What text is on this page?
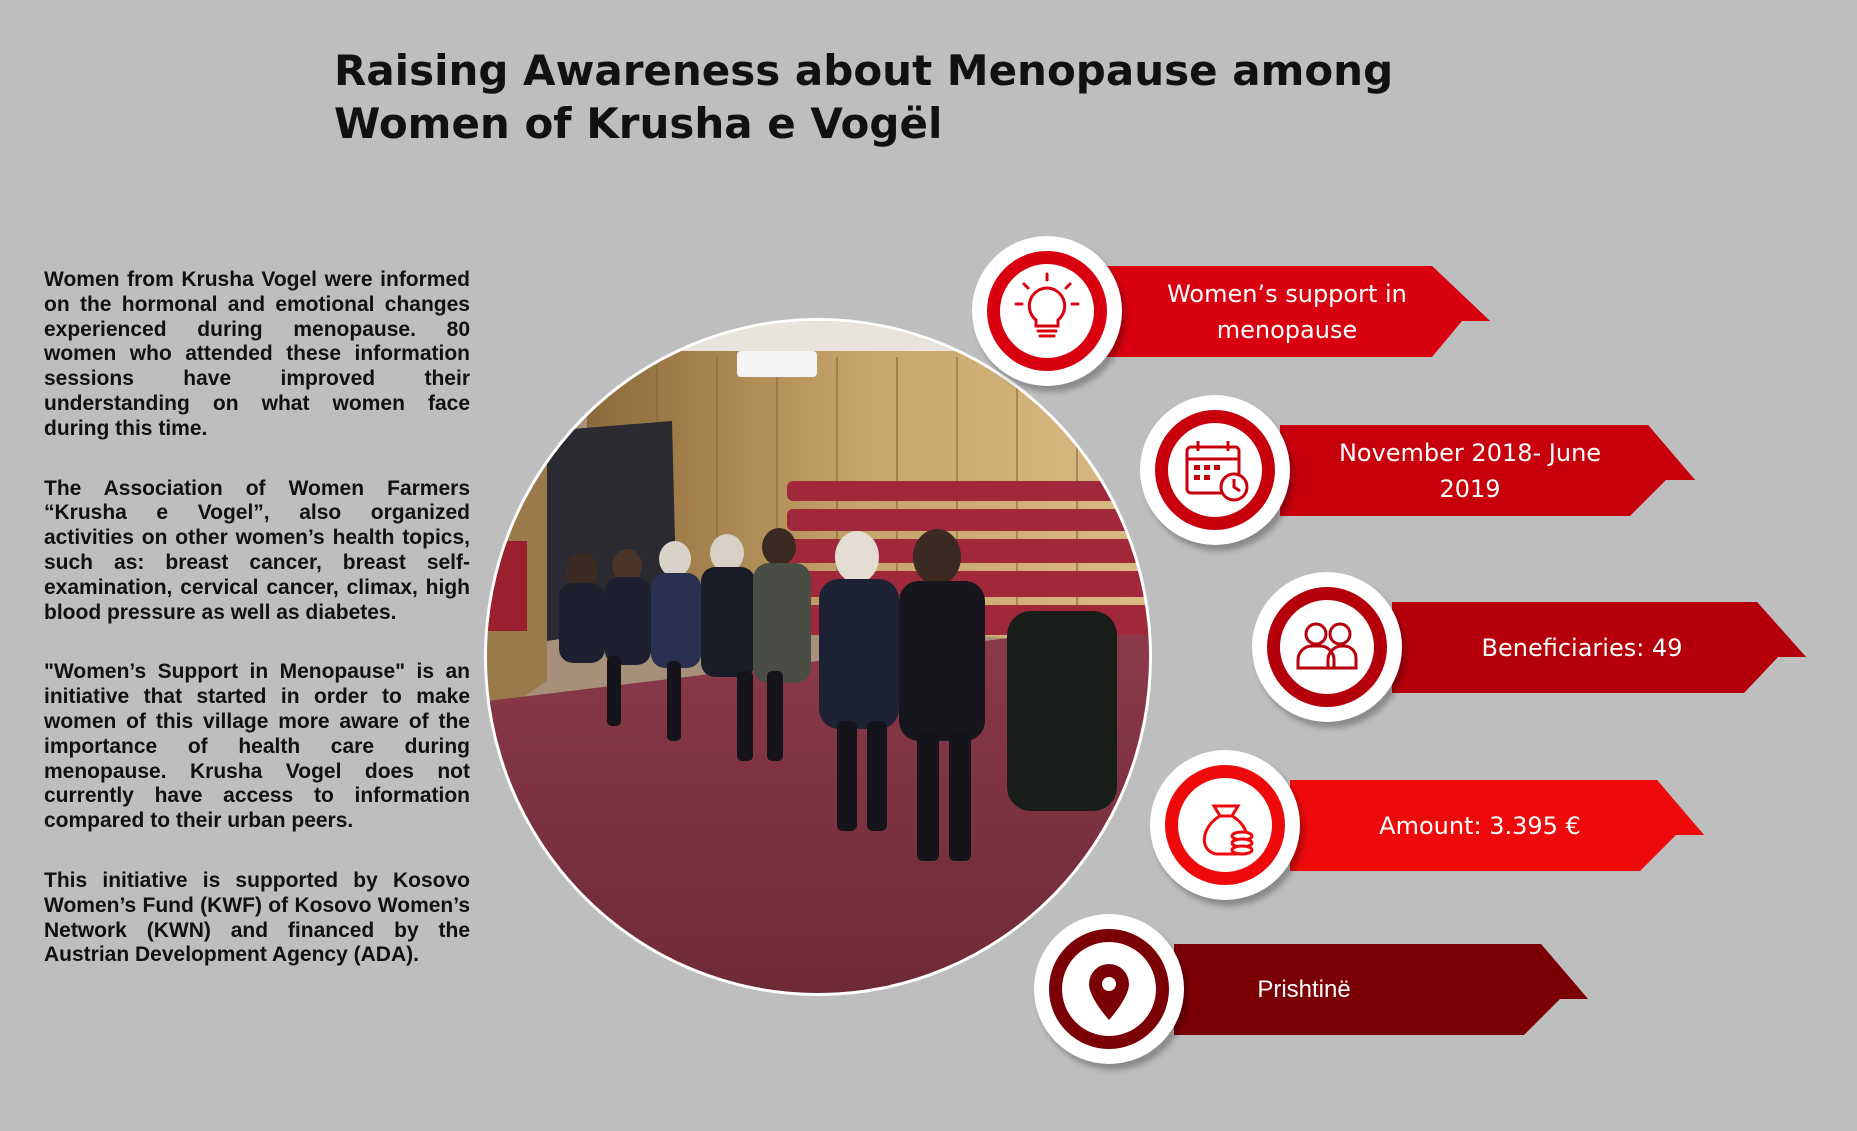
Raising Awareness about Menopause among Women of Krusha e Vogël

Women from Krusha Vogel were informed on the hormonal and emotional changes experienced during menopause. 80 women who attended these information sessions have improved their understanding on what women face during this time.

The Association of Women Farmers “Krusha e Vogel”, also organized activities on other women’s health topics, such as: breast cancer, breast self-examination, cervical cancer, climax, high blood pressure as well as diabetes.

"Women’s Support in Menopause" is an initiative that started in order to make women of this village more aware of the importance of health care during menopause. Krusha Vogel does not currently have access to information compared to their urban peers.

This initiative is supported by Kosovo Women’s Fund (KWF) of Kosovo Women’s Network (KWN) and financed by the Austrian Development Agency (ADA).

Women’s support in menopause
November 2018- June 2019
Beneficiaries: 49
Amount: 3.395 €
Prishtinë
